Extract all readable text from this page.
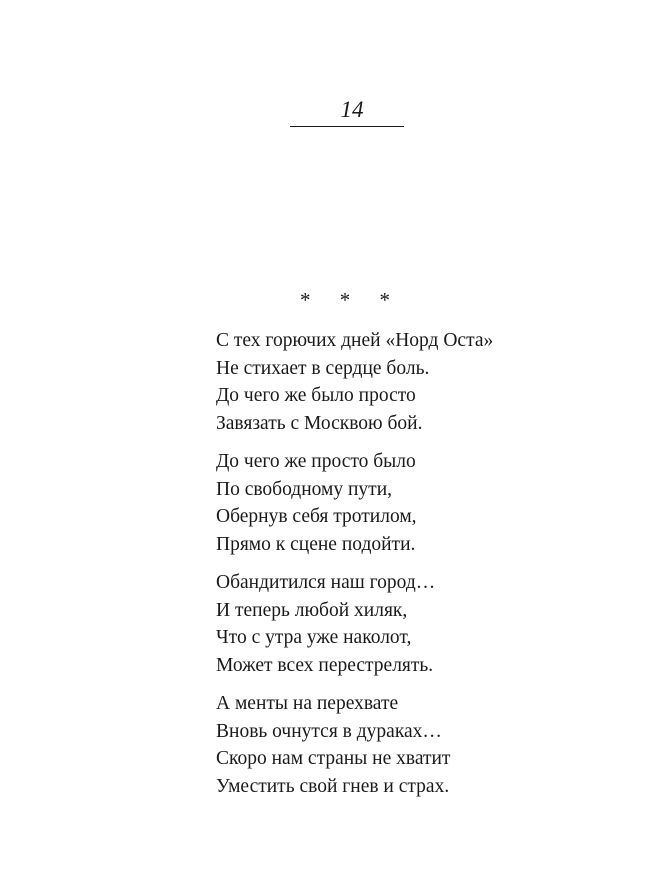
14
* * *
С тех горючих дней «Норд Оста»
Не стихает в сердце боль.
До чего же было просто
Завязать с Москвою бой.
До чего же просто было
По свободному пути,
Обернув себя тротилом,
Прямо к сцене подойти.
Обандитился наш город…
И теперь любой хиляк,
Что с утра уже наколот,
Может всех перестрелять.
А менты на перехвате
Вновь очнутся в дураках…
Скоро нам страны не хватит
Уместить свой гнев и страх.
